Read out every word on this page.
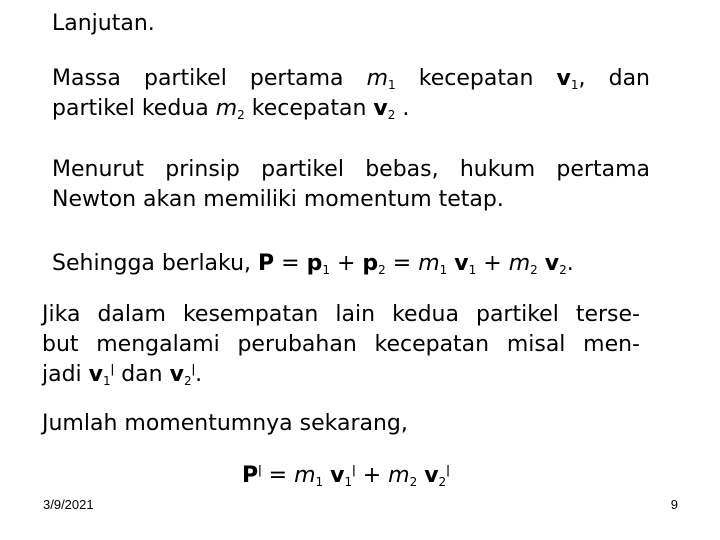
Lanjutan.
Massa partikel pertama $m_1$ kecepatan $v_1$, dan
partikel kedua $m_2$ kecepatan $v_2$ .
Menurut prinsip partikel bebas, hukum pertama
Newton akan memiliki momentum tetap.
Sehingga berlaku, $P = p_1 + p_2 = m_1$ $v_1 + m_2$ $v_2$.
Jika dalam kesempatan lain kedua partikel terse-
but mengalami perubahan kecepatan misal men-
jadi $v_1^ǀ$ dan $v_2^ǀ$.
Jumlah momentumnya sekarang,
$P^ǀ = m_1$ $v_1^ǀ + m_2$ $v_2^ǀ$
3/9/2021	9
